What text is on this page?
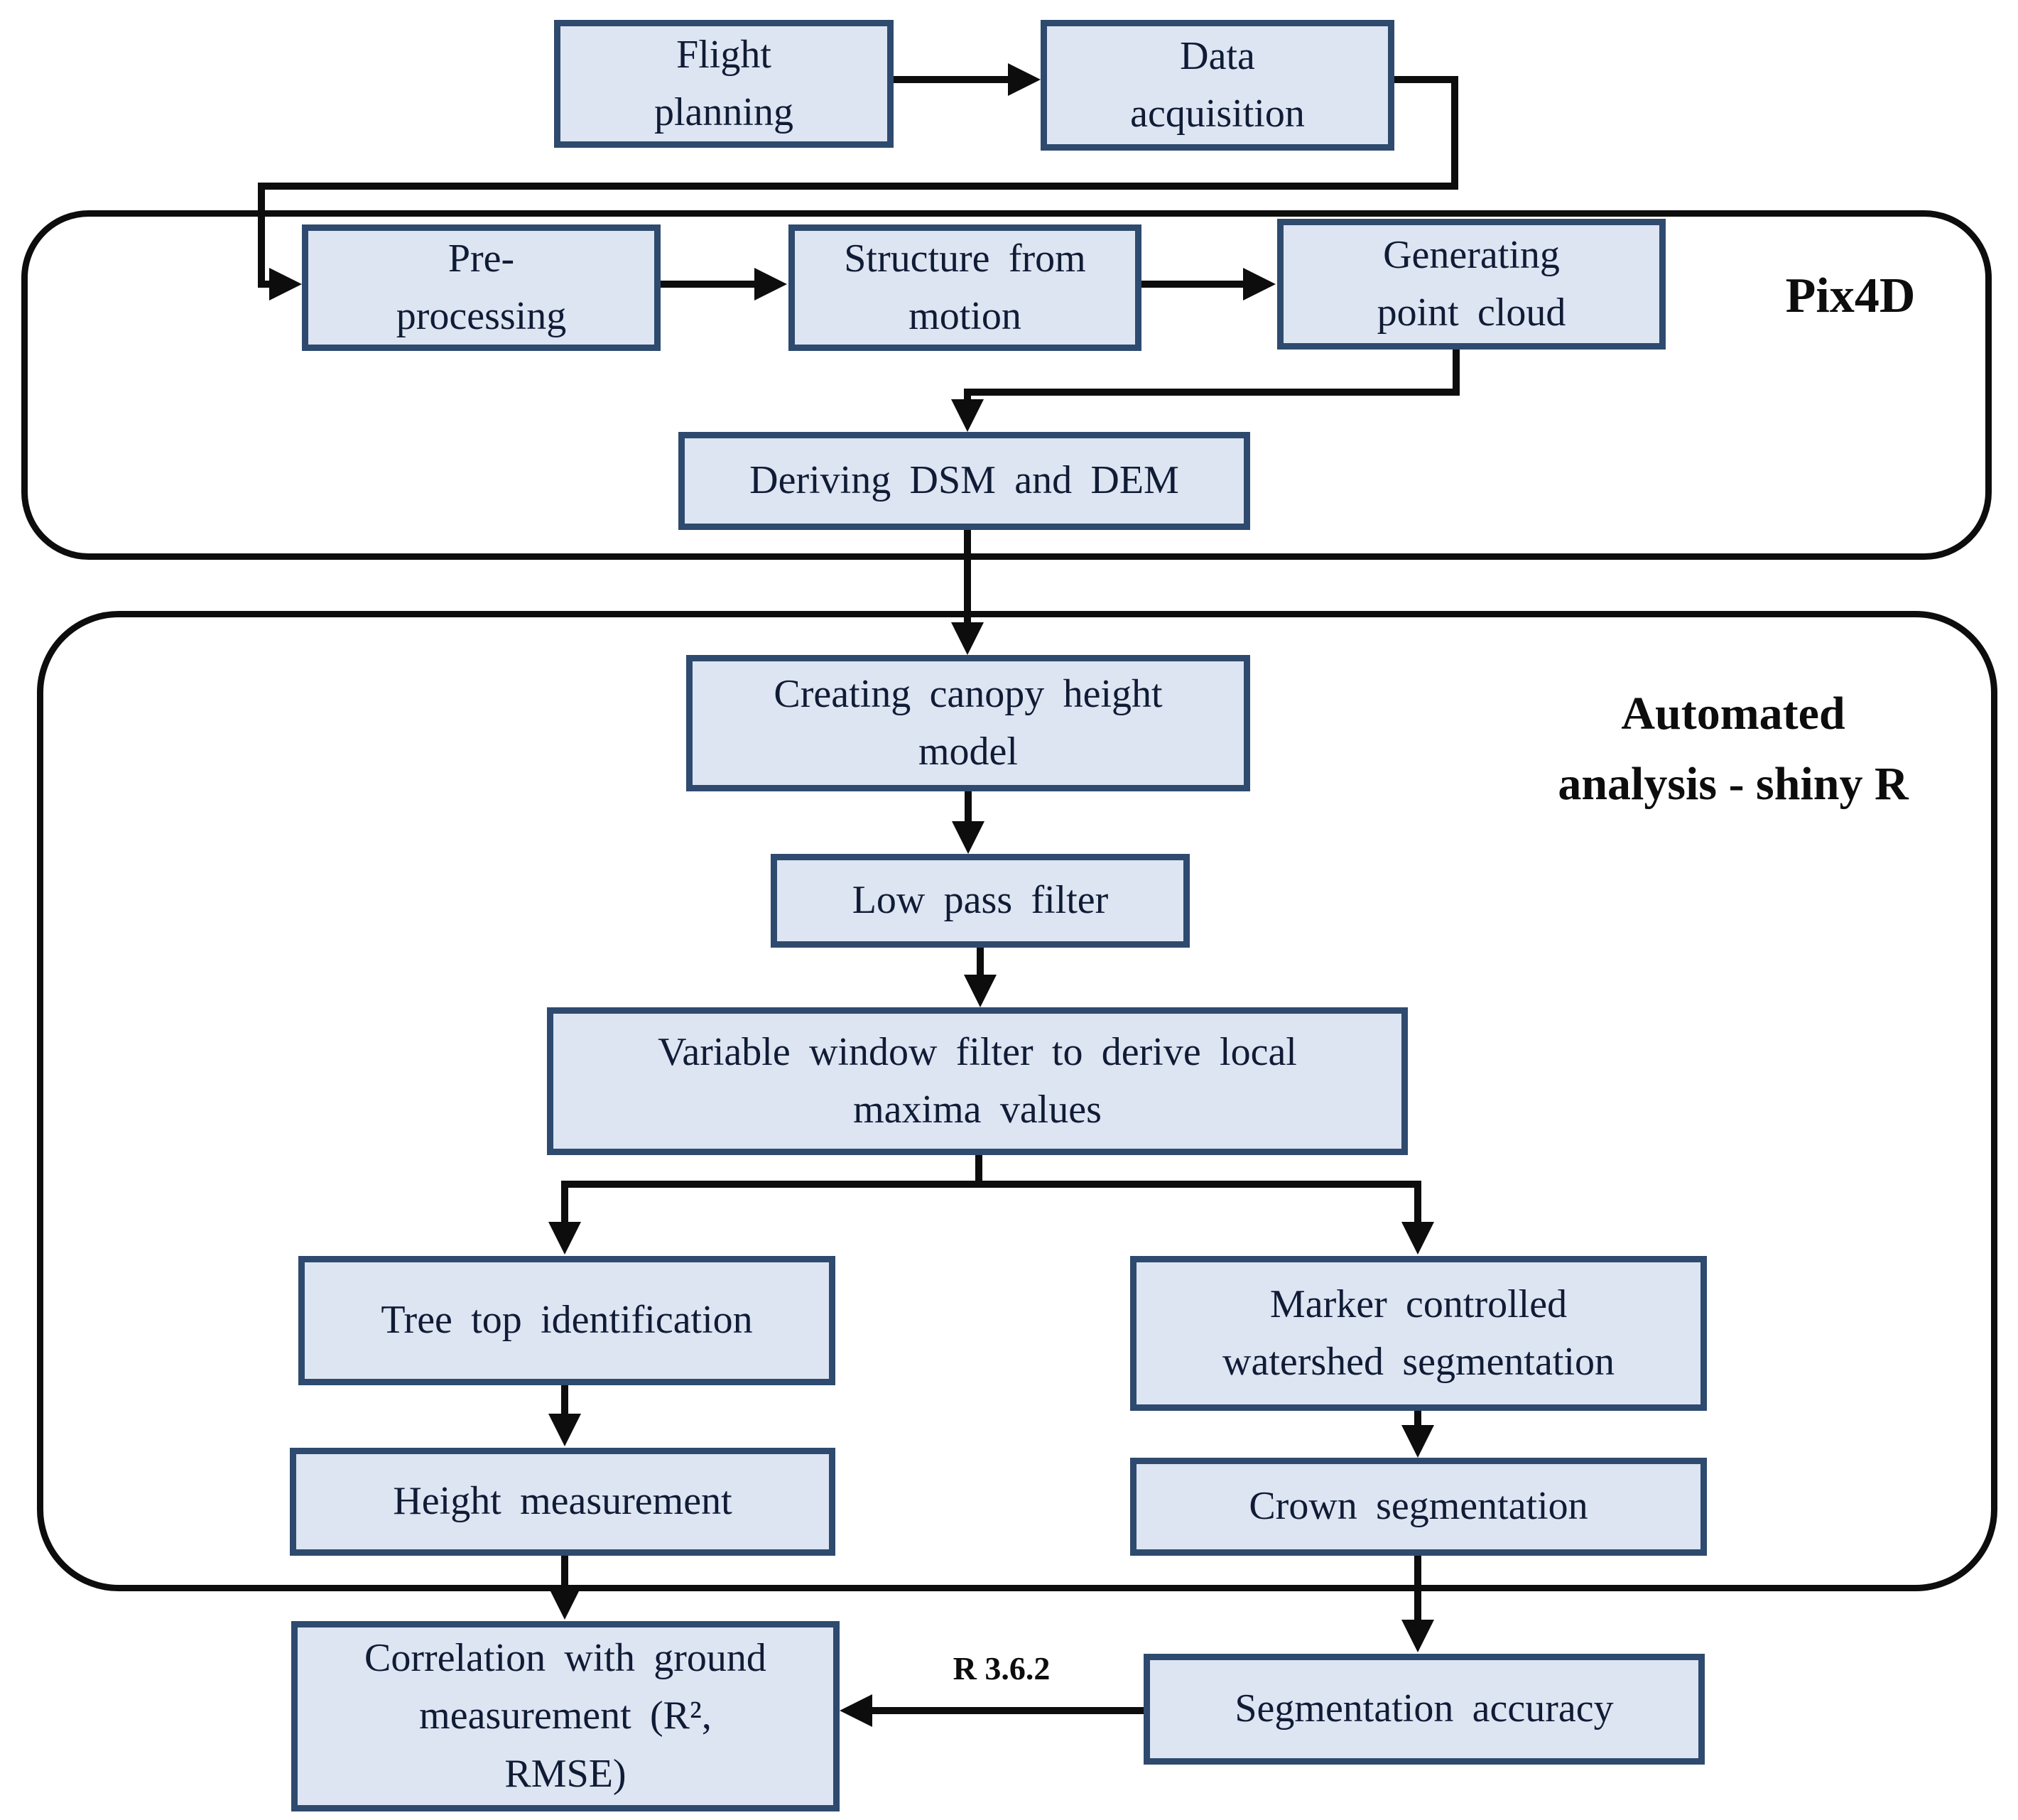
Pix4D
Automated
analysis - shiny R
R 3.6.2
Flight
planning
Data
acquisition
Pre-
processing
Structure from
motion
Generating
point cloud
Deriving DSM and DEM
Creating canopy height
model
Low pass filter
Variable window filter to derive local
maxima values
Tree top identification	Marker controlled
watershed segmentation
Height measurement	Crown segmentation
Correlation with ground
measurement (R²,
RMSE)
Segmentation accuracy
